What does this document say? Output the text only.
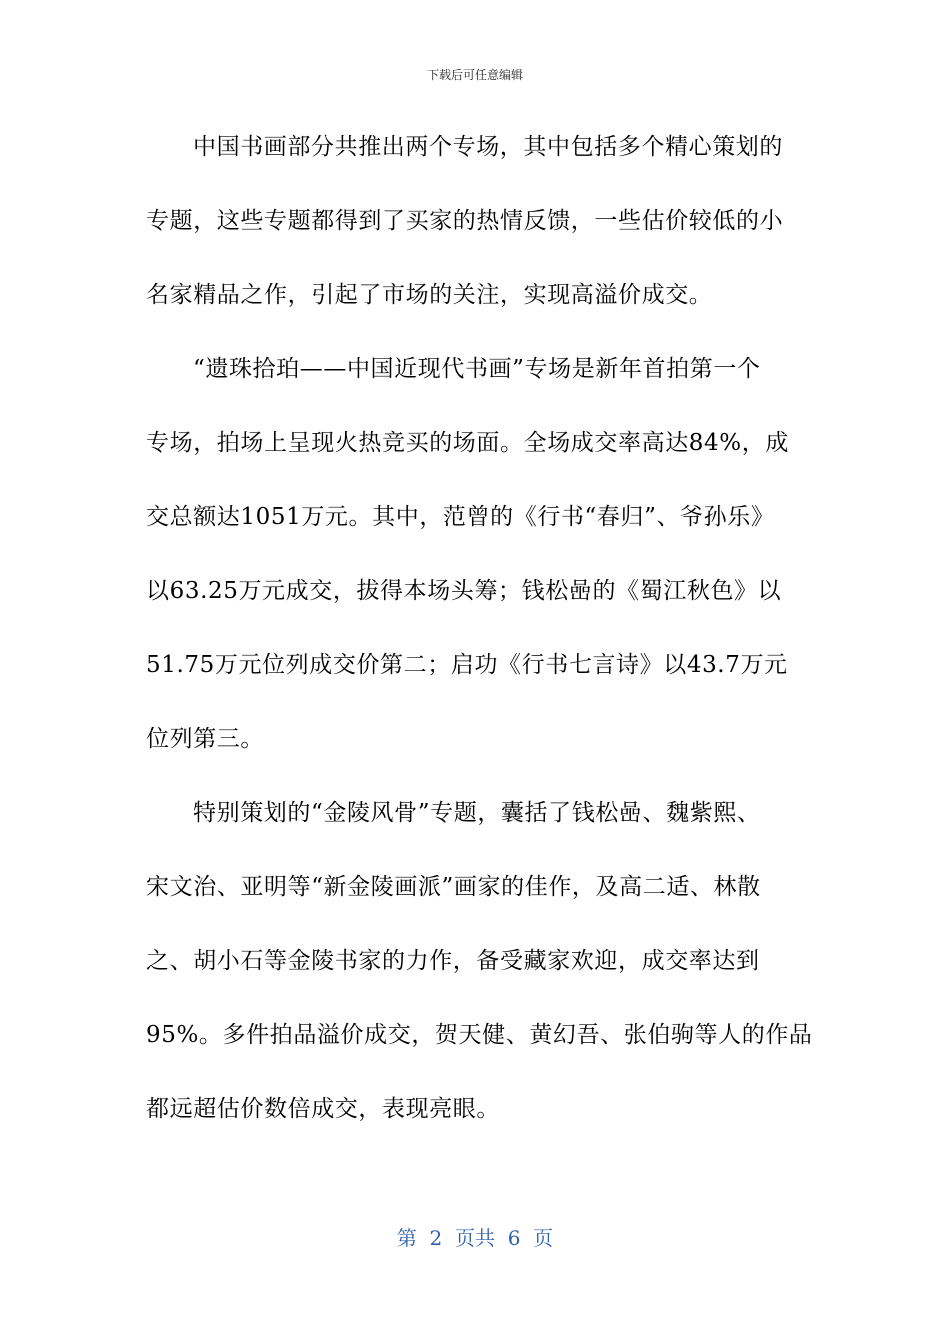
下载后可任意编辑
中国书画部分共推出两个专场，其中包括多个精心策划的
专题，这些专题都得到了买家的热情反馈，一些估价较低的小
名家精品之作，引起了市场的关注，实现高溢价成交。
“遗珠拾珀——中国近现代书画”专场是新年首拍第一个
专场，拍场上呈现火热竞买的场面。全场成交率高达84%，成
交总额达1051万元。其中，范曾的《行书“春归”、爷孙乐》
以63.25万元成交，拔得本场头筹；钱松喦的《蜀江秋色》以
51.75万元位列成交价第二；启功《行书七言诗》以43.7万元
位列第三。
特别策划的“金陵风骨”专题，囊括了钱松喦、魏紫熙、
宋文治、亚明等“新金陵画派”画家的佳作，及高二适、林散
之、胡小石等金陵书家的力作，备受藏家欢迎，成交率达到
95%。多件拍品溢价成交，贺天健、黄幻吾、张伯驹等人的作品
都远超估价数倍成交，表现亮眼。
第  2  页共  6  页
